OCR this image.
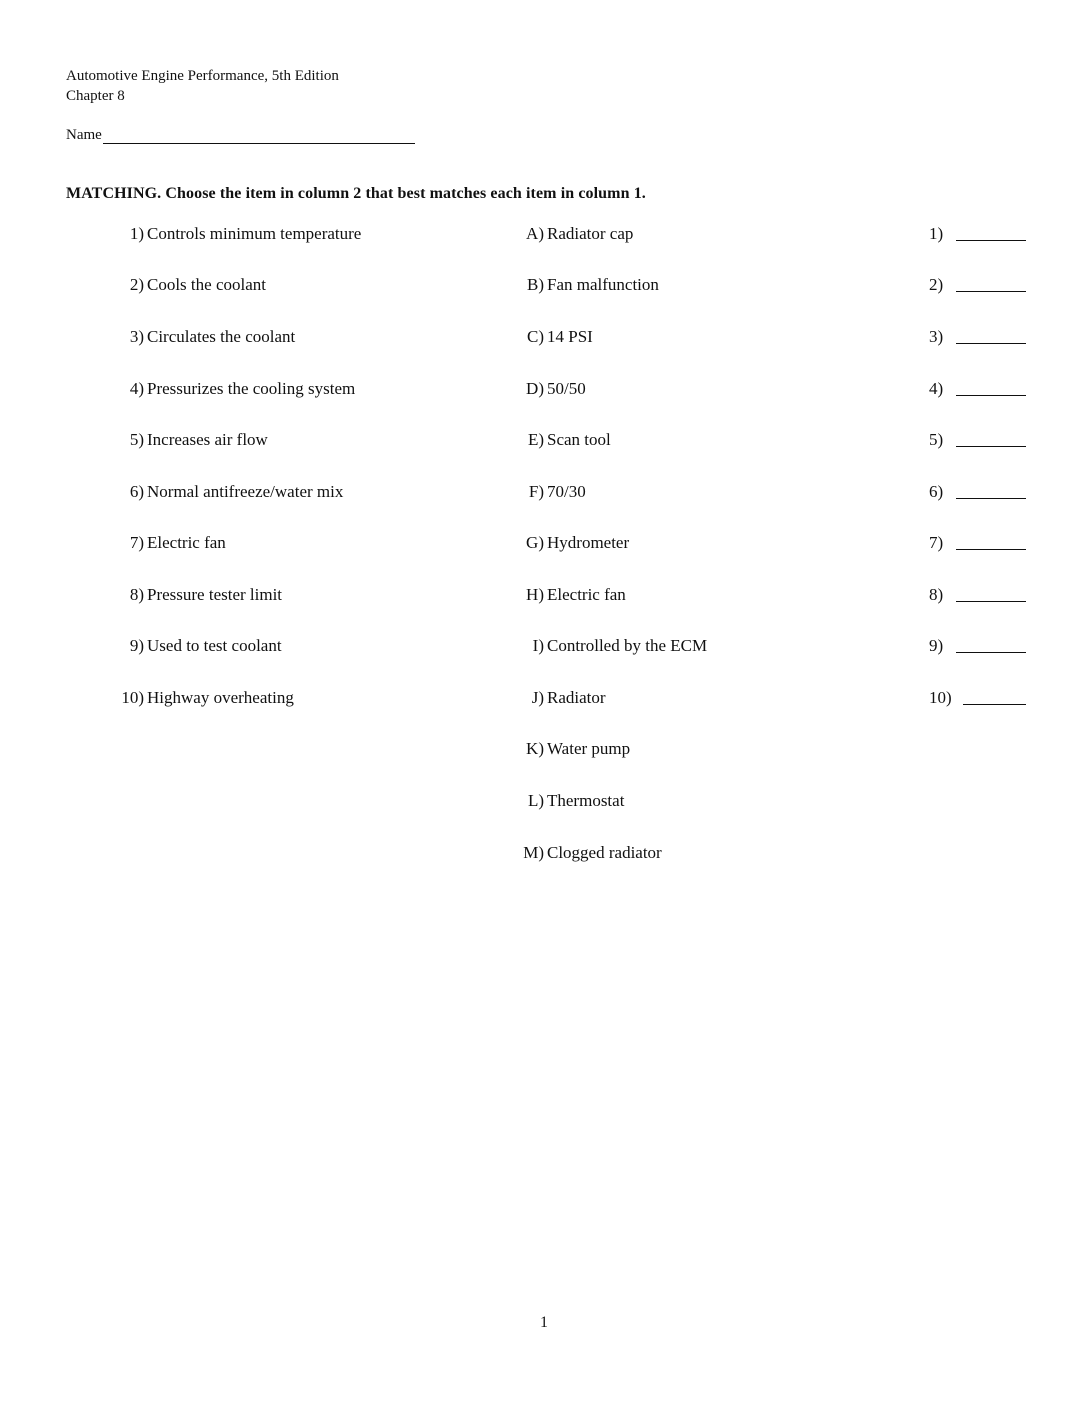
Automotive Engine Performance, 5th Edition
Chapter 8
Name
MATCHING. Choose the item in column 2 that best matches each item in column 1.
1) Controls minimum temperature	A) Radiator cap	1)
2) Cools the coolant	B) Fan malfunction	2)
3) Circulates the coolant	C) 14 PSI	3)
4) Pressurizes the cooling system	D) 50/50	4)
5) Increases air flow	E) Scan tool	5)
6) Normal antifreeze/water mix	F) 70/30	6)
7) Electric fan	G) Hydrometer	7)
8) Pressure tester limit	H) Electric fan	8)
9) Used to test coolant	I) Controlled by the ECM	9)
10) Highway overheating	J) Radiator	10)
K) Water pump
L) Thermostat
M) Clogged radiator
1
